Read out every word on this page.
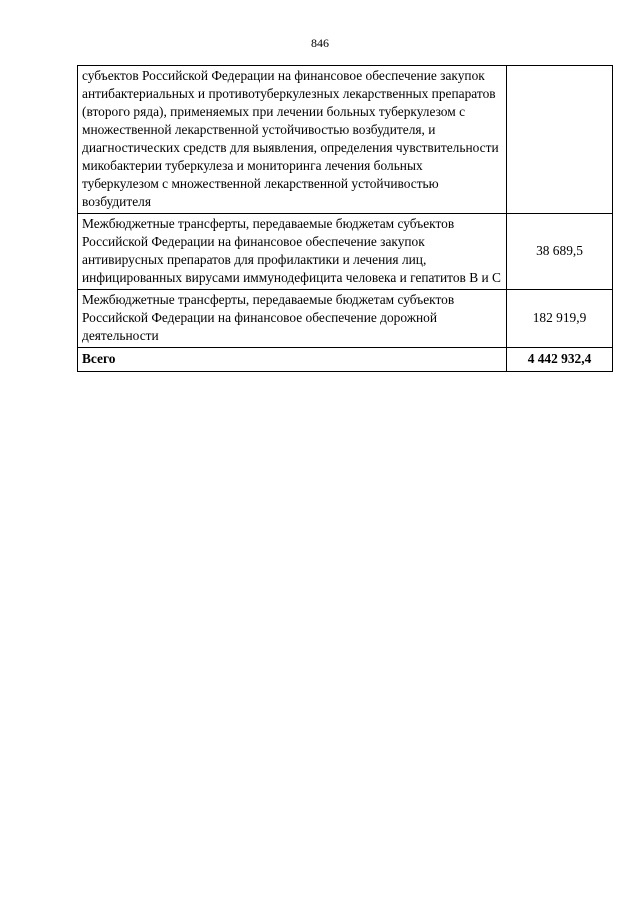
846
субъектов Российской Федерации на финансовое обеспечение закупок антибактериальных и противотуберкулезных лекарственных препаратов (второго ряда), применяемых при лечении больных туберкулезом с множественной лекарственной устойчивостью возбудителя, и диагностических средств для выявления, определения чувствительности микобактерии туберкулеза и мониторинга лечения больных туберкулезом с множественной лекарственной устойчивостью возбудителя	
Межбюджетные трансферты, передаваемые бюджетам субъектов Российской Федерации на финансовое обеспечение закупок антивирусных препаратов для профилактики и лечения лиц, инфицированных вирусами иммунодефицита человека и гепатитов B и C	38 689,5
Межбюджетные трансферты, передаваемые бюджетам субъектов Российской Федерации на финансовое обеспечение дорожной деятельности	182 919,9
Всего	4 442 932,4
